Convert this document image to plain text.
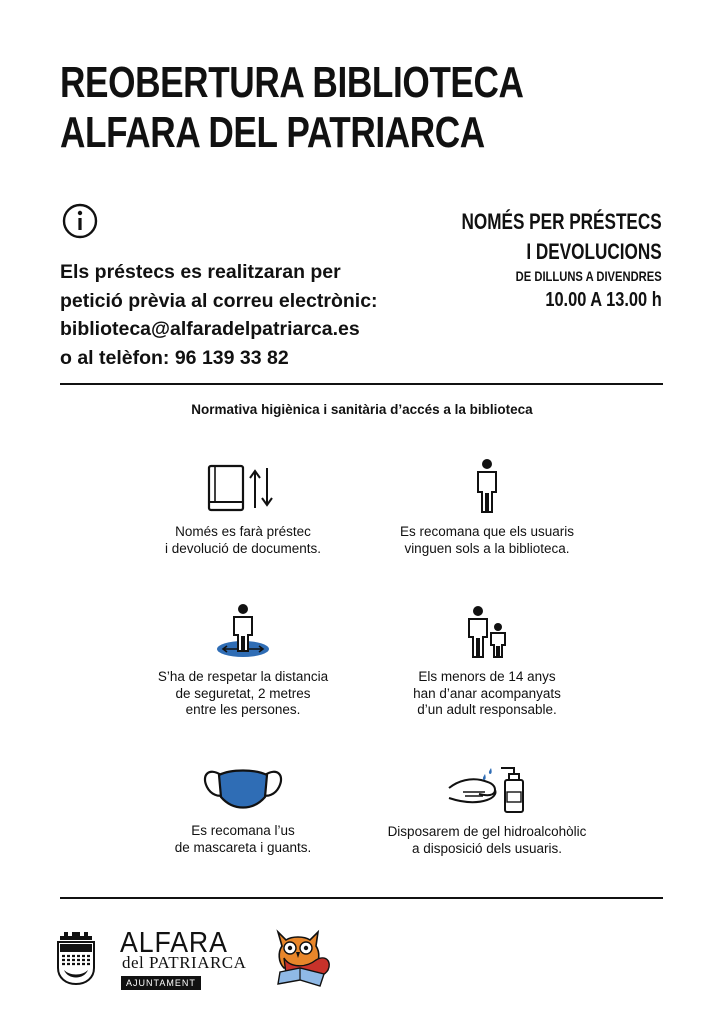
REOBERTURA BIBLIOTECA
ALFARA DEL PATRIARCA
Els préstecs es realitzaran per
petició prèvia al correu electrònic:
biblioteca@alfaradelpatriarca.es
o al telèfon: 96 139 33 82
NOMÉS PER PRÉSTECS
I DEVOLUCIONS
DE DILLUNS A DIVENDRES
10.00 A 13.00 h
Normativa higiènica i sanitària d’accés a la biblioteca
Només es farà préstec
i devolució de documents.
Es recomana que els usuaris
vinguen sols a la biblioteca.
S’ha de respetar la distancia
de seguretat, 2 metres
entre les persones.
Els menors de 14 anys
han d’anar acompanyats
d’un adult responsable.
Es recomana l’us
de mascareta i guants.
Disposarem de gel hidroalcohòlic
a disposició dels usuaris.
ALFARA
del PATRIARCA
AJUNTAMENT
